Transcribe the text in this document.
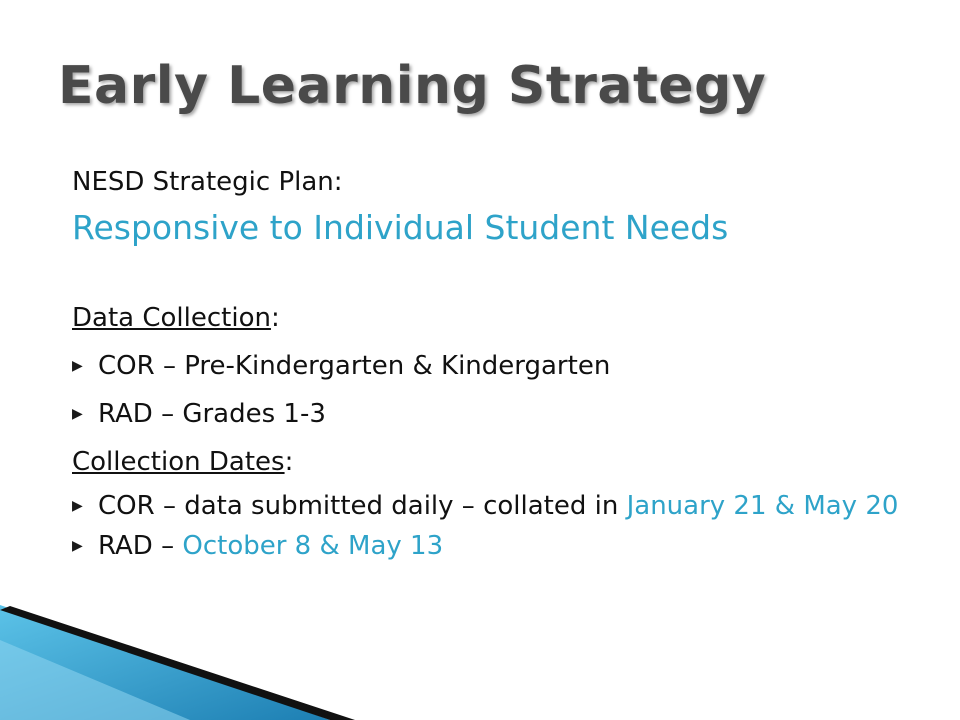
Early Learning Strategy
NESD Strategic Plan:
Responsive to Individual Student Needs
Data Collection:
▶ COR – Pre-Kindergarten & Kindergarten
▶ RAD – Grades 1-3
Collection Dates:
▶ COR – data submitted daily – collated in January 21 & May 20
▶ RAD – October 8 & May 13
